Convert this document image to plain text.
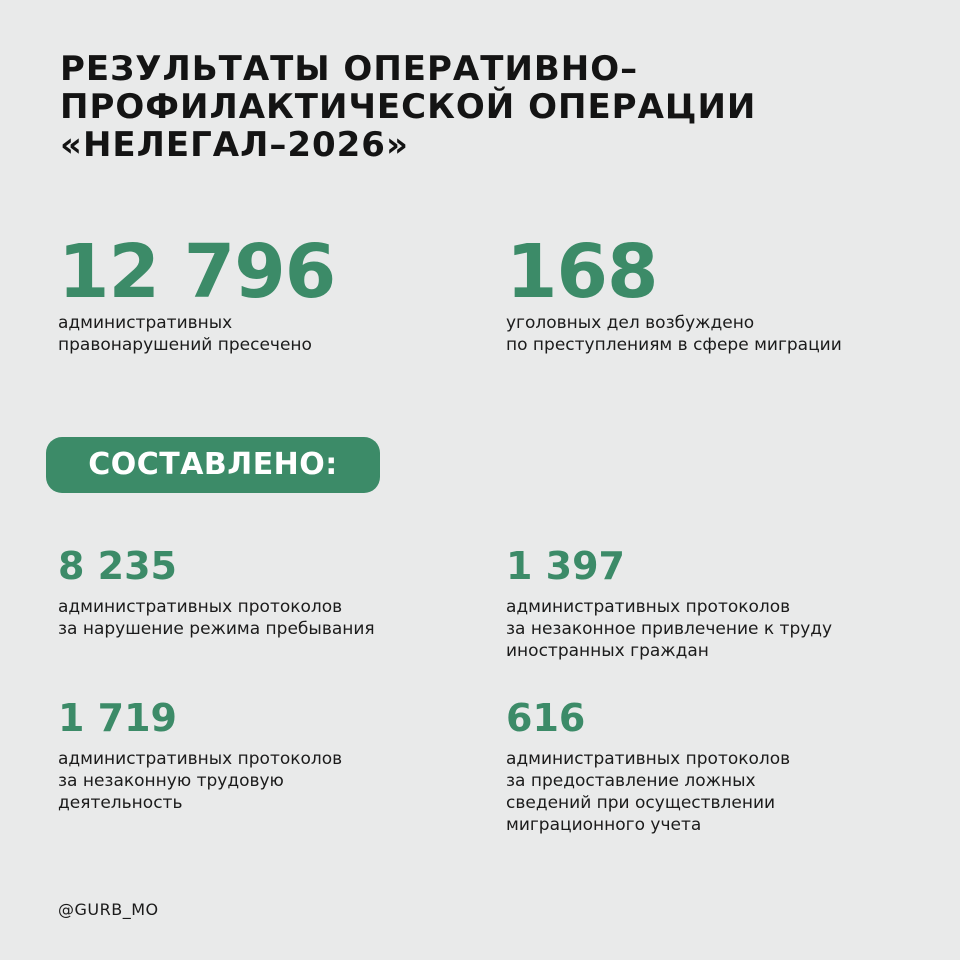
РЕЗУЛЬТАТЫ ОПЕРАТИВНО–
ПРОФИЛАКТИЧЕСКОЙ ОПЕРАЦИИ
«НЕЛЕГАЛ–2026»
12 796
административных
правонарушений пресечено
168
уголовных дел возбуждено
по преступлениям в сфере миграции
СОСТАВЛЕНО:
8 235
административных протоколов
за нарушение режима пребывания
1 397
административных протоколов
за незаконное привлечение к труду
иностранных граждан
1 719
административных протоколов
за незаконную трудовую
деятельность
616
административных протоколов
за предоставление ложных
сведений при осуществлении
миграционного учета
@GURB_MO
